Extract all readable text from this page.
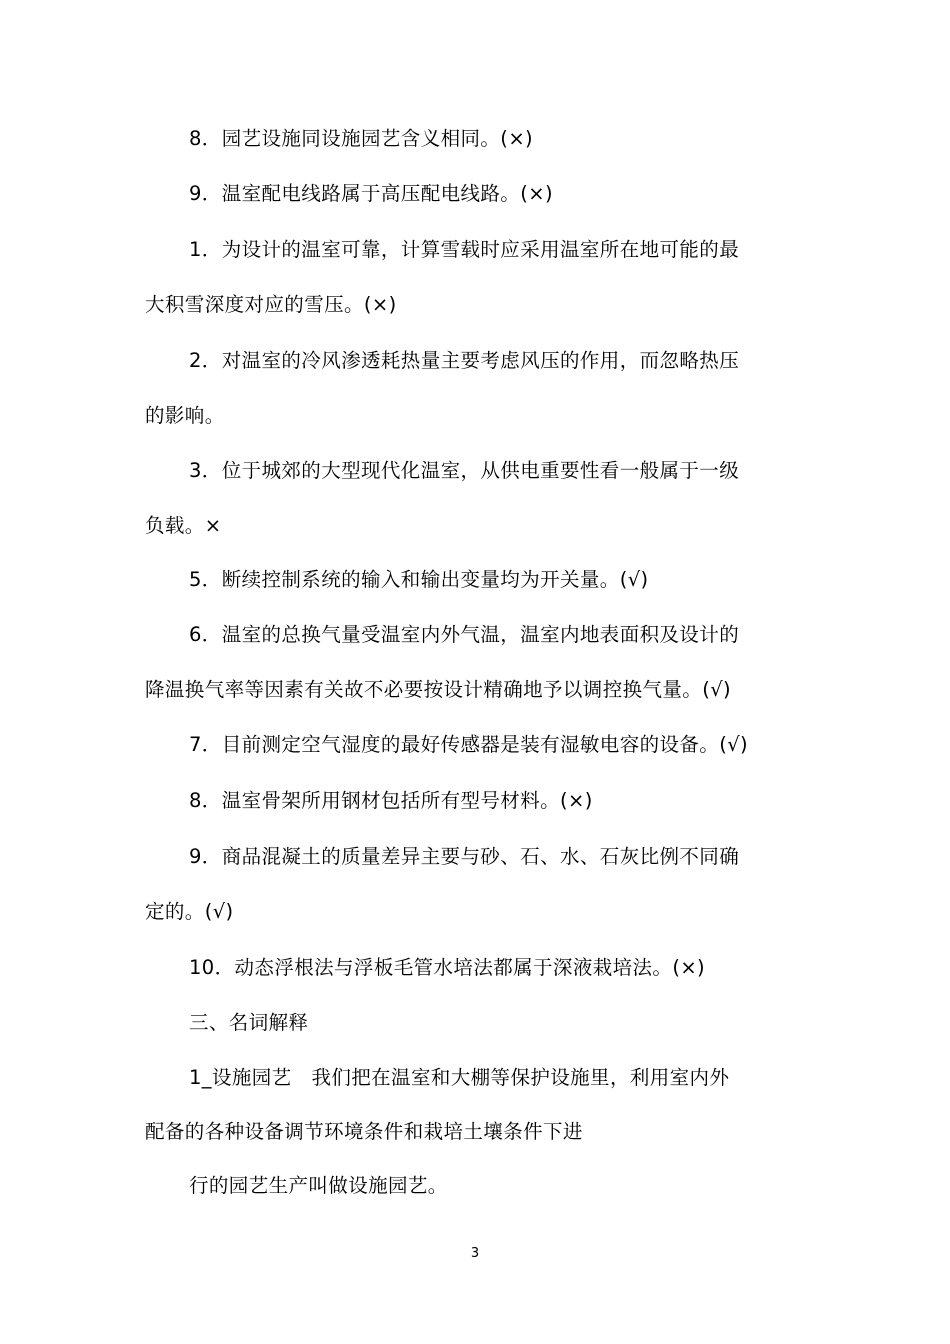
8．园艺设施同设施园艺含义相同。(×)
9．温室配电线路属于高压配电线路。(×)
1．为设计的温室可靠，计算雪载时应采用温室所在地可能的最
大积雪深度对应的雪压。(×)
2．对温室的冷风渗透耗热量主要考虑风压的作用，而忽略热压
的影响。
3．位于城郊的大型现代化温室，从供电重要性看一般属于一级
负载。×
5．断续控制系统的输入和输出变量均为开关量。(√)
6．温室的总换气量受温室内外气温，温室内地表面积及设计的
降温换气率等因素有关故不必要按设计精确地予以调控换气量。(√)
7．目前测定空气湿度的最好传感器是装有湿敏电容的设备。(√)
8．温室骨架所用钢材包括所有型号材料。(×)
9．商品混凝土的质量差异主要与砂、石、水、石灰比例不同确
定的。(√)
10．动态浮根法与浮板毛管水培法都属于深液栽培法。(×)
三、名词解释
1_设施园艺　我们把在温室和大棚等保护设施里，利用室内外
配备的各种设备调节环境条件和栽培土壤条件下进
行的园艺生产叫做设施园艺。
3
